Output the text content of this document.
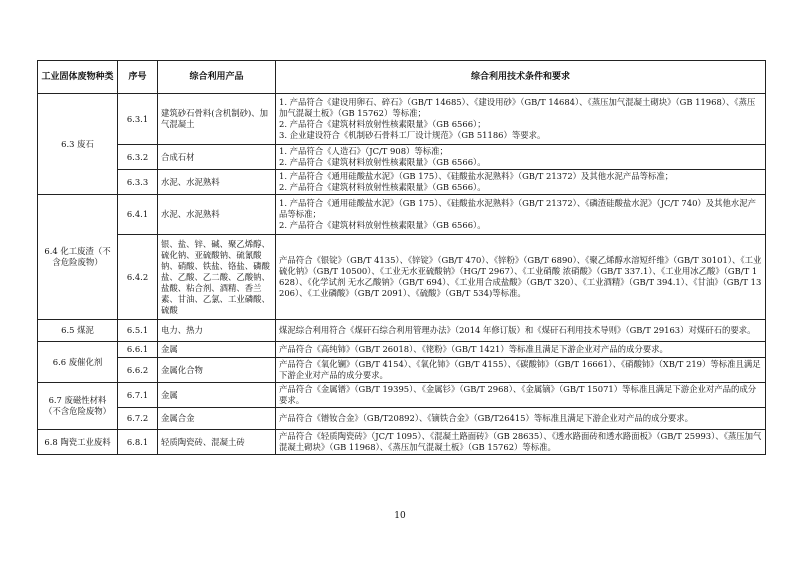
工业固体废物种类	序号	综合利用产品	综合利用技术条件和要求
6.3 废石	6.3.1	建筑砂石骨料(含机制砂)、加气混凝土	1. 产品符合《建设用卵石、碎石》（GB/T 14685）、《建设用砂》（GB/T 14684）、《蒸压加气混凝土砌块》（GB 11968）、《蒸压加气混凝土板》（GB 15762）等标准；
2. 产品符合《建筑材料放射性核素限量》（GB 6566）；
3. 企业建设符合《机制砂石骨料工厂设计规范》（GB 51186）等要求。

	6.3.2	合成石材	1. 产品符合《人造石》（JC/T 908）等标准；
2. 产品符合《建筑材料放射性核素限量》（GB 6566）。

	6.3.3	水泥、水泥熟料	1. 产品符合《通用硅酸盐水泥》（GB 175）、《硅酸盐水泥熟料》（GB/T 21372）及其他水泥产品等标准；
2. 产品符合《建筑材料放射性核素限量》（GB 6566）。

6.4 化工废渣（不含危险废物）	6.4.1	水泥、水泥熟料	1. 产品符合《通用硅酸盐水泥》（GB 175）、《硅酸盐水泥熟料》（GB/T 21372）、《磷渣硅酸盐水泥》（JC/T 740）及其他水泥产品等标准；
2. 产品符合《建筑材料放射性核素限量》（GB 6566）。

	6.4.2	银、盐、锌、碱、聚乙烯醇、硫化钠、亚硫酸钠、硫氰酸钠、硝酸、铁盐、铬盐、磷酸盐、乙酸、乙二酸、乙酸钠、盐酸、粘合剂、酒精、香兰素、甘油、乙氯、工业磷酸、硫酸	产品符合《银锭》（GB/T 4135）、《锌锭》（GB/T 470）、《锌粉》（GB/T 6890）、《聚乙烯醇水溶短纤维》（GB/T 30101）、《工业硫化钠》（GB/T 10500）、《工业无水亚硫酸钠》（HG/T 2967）、《工业硝酸 浓硝酸》（GB/T 337.1）、《工业用冰乙酸》（GB/T 1628）、《化学试剂 无水乙酸钠》（GB/T 694）、《工业用合成盐酸》（GB/T 320）、《工业酒精》（GB/T 394.1）、《甘油》（GB/T 13206）、《工业磷酸》（GB/T 2091）、《硫酸》（GB/T 534)等标准。

6.5 煤泥	6.5.1	电力、热力	煤泥综合利用符合《煤矸石综合利用管理办法》（2014 年修订版）和《煤矸石利用技术导则》（GB/T 29163）对煤矸石的要求。

6.6 废催化剂	6.6.1	金属	产品符合《高纯铈》（GB/T 26018）、《铑粉》（GB/T 1421）等标准且满足下游企业对产品的成分要求。

	6.6.2	金属化合物	产品符合《氧化镧》（GB/T 4154）、《氧化铈》（GB/T 4155）、《碳酸铈》（GB/T 16661）、《硝酸铈》（XB/T 219）等标准且满足下游企业对产品的成分要求。

6.7 废磁性材料（不含危险废物）	6.7.1	金属	产品符合《金属镨》（GB/T 19395）、《金属钐》（GB/T 2968）、《金属镝》（GB/T 15071）等标准且满足下游企业对产品的成分要求。

	6.7.2	金属合金	产品符合《镨钕合金》（GB/T20892）、《镝铁合金》（GB/T26415）等标准且满足下游企业对产品的成分要求。

6.8 陶瓷工业废料	6.8.1	轻质陶瓷砖、混凝土砖	产品符合《轻质陶瓷砖》（JC/T 1095）、《混凝土路面砖》（GB 28635）、《透水路面砖和透水路面板》（GB/T 25993）、《蒸压加气混凝土砌块》（GB 11968）、《蒸压加气混凝土板》（GB 15762）等标准。
10
